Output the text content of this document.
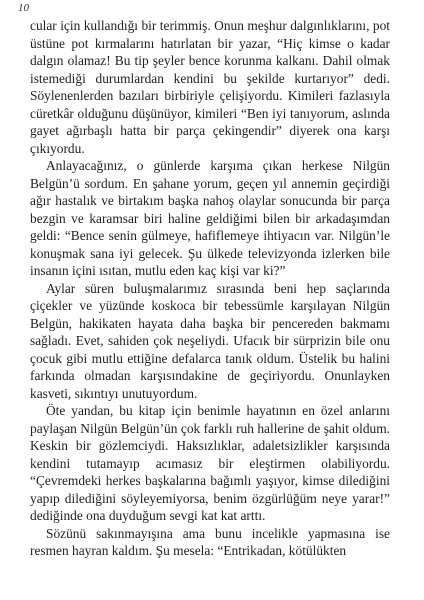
10

cular için kullandığı bir terimmiş. Onun meşhur dalgınlıklarını, pot üstüne pot kırmalarını hatırlatan bir yazar, “Hiç kimse o kadar dalgın olamaz! Bu tip şeyler bence korunma kalkanı. Dahil olmak istemediği durumlardan kendini bu şekilde kurtarıyor” dedi. Söylenenlerden bazıları birbiriyle çelişiyordu. Kimileri fazlasıyla cüretkâr olduğunu düşünüyor, kimileri “Ben iyi tanıyorum, aslında gayet ağırbaşlı hatta bir parça çekingendir” diyerek ona karşı çıkıyordu.

Anlayacağınız, o günlerde karşıma çıkan herkese Nilgün Belgün’ü sordum. En şahane yorum, geçen yıl annemin geçirdiği ağır hastalık ve birtakım başka nahoş olaylar sonucunda bir parça bezgin ve karamsar biri haline geldiğimi bilen bir arkadaşımdan geldi: “Bence senin gülmeye, hafiflemeye ihtiyacın var. Nilgün’le konuşmak sana iyi gelecek. Şu ülkede televizyonda izlerken bile insanın içini ısıtan, mutlu eden kaç kişi var ki?”

Aylar süren buluşmalarımız sırasında beni hep saçlarında çiçekler ve yüzünde koskoca bir tebessümle karşılayan Nilgün Belgün, hakikaten hayata daha başka bir pencereden bakmamı sağladı. Evet, sahiden çok neşeliydi. Ufacık bir sürprizin bile onu çocuk gibi mutlu ettiğine defalarca tanık oldum. Üstelik bu halini farkında olmadan karşısındakine de geçiriyordu. Onunlayken kasveti, sıkıntıyı unutuyordum.

Öte yandan, bu kitap için benimle hayatının en özel anlarını paylaşan Nilgün Belgün’ün çok farklı ruh hallerine de şahit oldum. Keskin bir gözlemciydi. Haksızlıklar, adaletsizlikler karşısında kendini tutamayıp acımasız bir eleştirmen olabiliyordu. “Çevremdeki herkes başkalarına bağımlı yaşıyor, kimse dilediğini yapıp dilediğini söyleyemiyorsa, benim özgürlüğüm neye yarar!” dediğinde ona duyduğum sevgi kat kat arttı.

Sözünü sakınmayışına ama bunu incelikle yapmasına ise resmen hayran kaldım. Şu mesela: “Entrikadan, kötülükten
